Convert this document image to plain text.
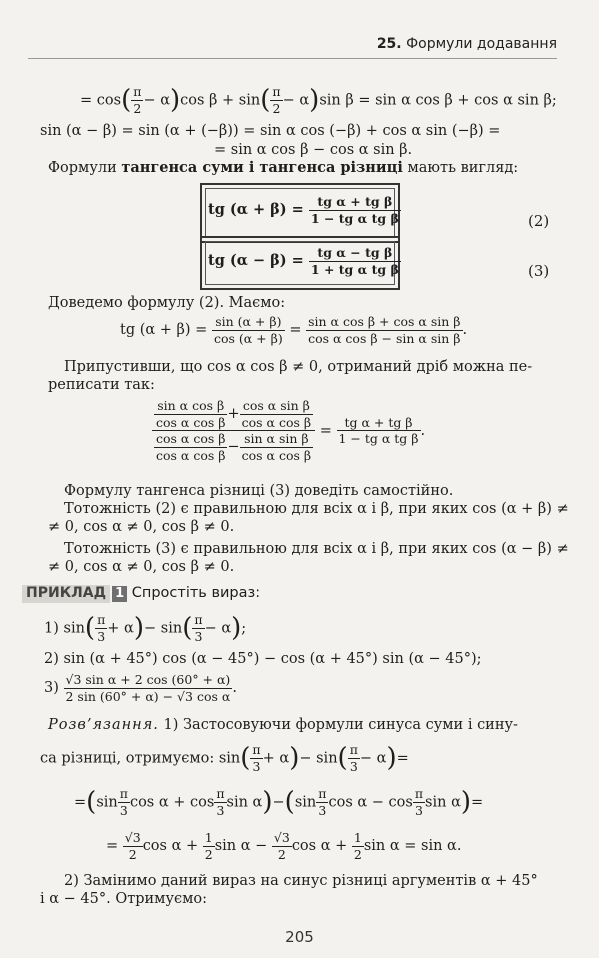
25. Формули додавання
= $\cos( \frac{\pi}{2} - \alpha)\cos$ $\beta + \sin( \frac{\pi}{2} - \alpha)\sin$ β = sin α cos β + cos α sin β;
sin (α − β) = sin (α + (−β)) = sin α cos (−β) + cos α sin (−β) =
= sin α cos β − cos α sin β.
Формули тангенса суми і тангенса різниці мають вигляд:
tg $(\alpha + \beta) = \frac{\text{tg α + tg β}}{\text{1 − tg α tg β}}$
tg $(\alpha - \beta) = \frac{\text{tg α − tg β}}{\text{1 + tg α tg β}}$
(2)
(3)
Доведемо формулу (2). Маємо:
tg $(\alpha + \beta) = \frac{\sin (\alpha + \beta)}{\cos (\alpha + \beta)} = \frac{\text{sin α cos β + cos α sin β}}{\text{cos α cos β − sin α sin β}}$ .
Припустивши, що cos α cos β ≠ 0, отриманий дріб можна пе-
реписати так:
$\frac{\frac{\text{sin α cos β}}{\text{cos α cos β}} + \frac{\text{cos α sin β}}{\text{cos α cos β}}}{\frac{\text{cos α cos β}}{\text{cos α cos β}} - \frac{\text{sin α sin β}}{\text{cos α cos β}}} = \frac{\text{tg α + tg β}}{\text{1 − tg α tg β}}$ .
Формулу тангенса різниці (3) доведіть самостійно.
Тотожність (2) є правильною для всіх α і β, при яких cos (α + β) ≠
≠ 0, cos α ≠ 0, cos β ≠ 0.
Тотожність (3) є правильною для всіх α і β, при яких cos (α − β) ≠
≠ 0, cos α ≠ 0, cos β ≠ 0.
ПРИКЛАД 1 Спростіть вираз:
1) $\sin( \frac{\pi}{3} + \alpha)- \sin( \frac{\pi}{3} - \alpha)$;
2) sin (α + 45°) cos (α − 45°) − cos (α + 45°) sin (α − 45°);
$3) \frac{\text{√3 sin α + 2 cos (60° + α)}}{\text{2 sin (60° + α) − √3 cos α}}$ .
Розв’язання. 1) Застосовуючи формули синуса суми і сину-
са різниці, отримуємо: $\sin( \frac{\pi}{3} + \alpha)- \sin( \frac{\pi}{3} - \alpha)=$
$=(\sin \frac{\pi}{3}$ $\cos \alpha + \cos \frac{\pi}{3}$ $\sin \alpha)-(\sin \frac{\pi}{3}$ $\cos \alpha - \cos \frac{\pi}{3}$ sin α)=
= $\frac{√3}{2}$ $\cos \alpha + \frac{1}{2}$ $\sin \alpha - \frac{√3}{2}$ $\cos \alpha + \frac{1}{2}$ sin α = sin α.
2) Замінимо даний вираз на синус різниці аргументів α + 45°
і α − 45°. Отримуємо:
205
